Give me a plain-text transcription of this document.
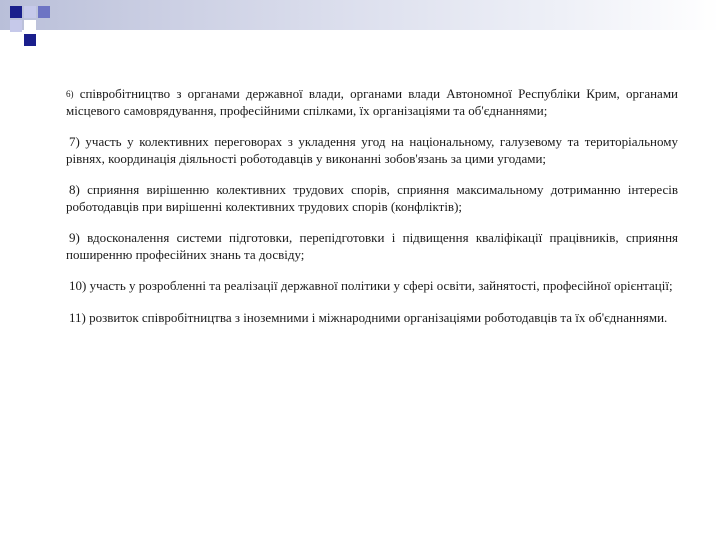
6) співробітництво з органами державної влади, органами влади Автономної Республіки Крим, органами місцевого самоврядування, професійними спілками, їх організаціями та об'єднаннями;

7) участь у колективних переговорах з укладення угод на національному, галузевому та територіальному рівнях, координація діяльності роботодавців у виконанні зобов'язань за цими угодами;

8) сприяння вирішенню колективних трудових спорів, сприяння максимальному дотриманню інтересів роботодавців при вирішенні колективних трудових спорів (конфліктів);

9) вдосконалення системи підготовки, перепідготовки і підвищення кваліфікації працівників, сприяння поширенню професійних знань та досвіду;

10) участь у розробленні та реалізації державної політики у сфері освіти, зайнятості, професійної орієнтації;

11) розвиток співробітництва з іноземними і міжнародними організаціями роботодавців та їх об'єднаннями.
